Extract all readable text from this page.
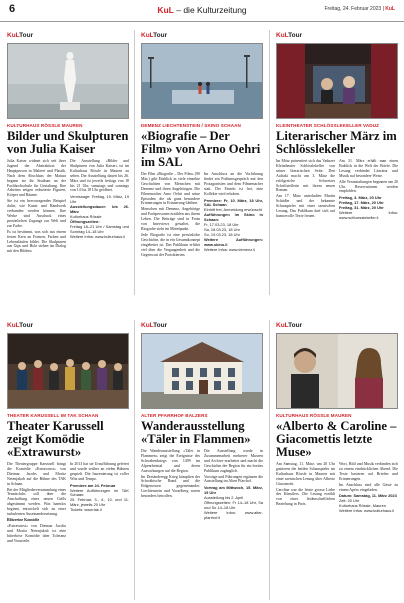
6	KuL – die Kulturzeitung	Freitag, 24. Februar 2023 | KuL
KuLTour
KULTURHAUS RÖSSLE MAUREN
Bilder und Skulpturen von Julia Kaiser

Julia Kaiser widmet sich seit ihrer Jugend der Abstraktion der Hauptperson in Malerei und Plastik. Nach dem Abschluss der Matura begann sie ihr Studium an der Fachhochschule für Gestaltung. Ihre Arbeiten zeigen reduzierte Figuren, Körper und Räume.

Sie ist ein hervorragendes Beispiel dafür, wie Kunst und Handwerk verbunden werden können. Ihre Werke sind Ausdruck eines persönlichen Zugangs zur Welt und zur Farbe.

Es ist bestimmt, was sich aus einem festen Kern an Formen, Farben und Lebensläufen bildet. Die Skulpturen aus Gips und Holz stehen im Dialog mit den Bildern.

Die Ausstellung «Bilder und Skulpturen von Julia Kaiser» ist im Kulturhaus Rössle in Mauren zu sehen. Die Ausstellung dauert bis 26. März und ist jeweils freitags von 18 bis 21 Uhr, samstags und sonntags von 14 bis 18 Uhr geöffnet.

Vernissage: Freitag, 10. März, 19 Uhr
Ausstellungsdauer: bis 26. März
Kulturhaus Rössle
Öffnungszeiten:
Freitag 18–21 Uhr / Samstag und Sonntag 14–18 Uhr
Weitere Infos: www.kulturhaus.li
KuLTour
DEMENZ LIECHTENSTEIN / SKINO SCHAAN
«Biografie – Der Film» von Arno Oehri im SAL

Der Film «Biografie – Der Film» (90 Min.) gibt Einblick in viele einzelne Geschichten von Menschen mit Demenz und ihren Angehörigen. Die Filmemacher Arno Oehri und seine Episoden, die als ganz besondere Erinnerungen in Erinnerung bleiben.

Menschen mit Demenz, Angehörige und Fachpersonen erzählen aus ihrem Leben. Die Beiträge sind in Form von Interviews gestaltet, die Biografie steht im Mittelpunkt.

Jede Biografie ist eine persönliche Geschichte, die in ein Gesamtkonzept eingebettet ist. Das Publikum erfährt viel über die Vergangenheit und die Gegenwart der Porträtierten.

Im Anschluss an die Vorführung findet ein Podiumsgespräch mit den Protagonisten und dem Filmemacher statt. Der Eintritt ist frei, eine Kollekte wird erhoben.

Premiere: Fr, 10. März, 18 Uhr, SAL Schaan
Eintritt frei, Anmeldung erwünscht
Aufführungen im Skino in Schaan:
Fr, 17.03.23, 18 Uhr
Sa, 18.03.23, 18 Uhr
So, 19.03.23, 18 Uhr
Weitere Aufführungen: www.skino.li
Weitere Infos: www.demenz.li
KuLTour
KLEINTHEATER SCHLÖSSLEKELLER VADUZ
Literarischer März im Schlösslekeller

Im März präsentiert sich das Vaduzer Kleintheater Schlösslekeller von seiner literarischen Seite. Den Auftakt macht am 3. März die erfolgreiche Schweizer Schriftstellerin mit ihrem neuen Roman.

Am 17. März unterhalten Martin Schädler und der bekannte Schauspieler mit einer szenischen Lesung. Das Publikum darf sich auf humorvolle Texte freuen.

Am 31. März erhält man einen Einblick in die Welt der Briefe. Die Lesung verbindet Literatur und Musik auf besondere Weise.

Alle Veranstaltungen beginnen um 20 Uhr. Reservationen werden empfohlen.

Freitag, 3. März, 20 Uhr
Freitag, 17. März, 20 Uhr
Freitag, 31. März, 20 Uhr
Weitere Infos: www.schloesslekeller.li
KuLTour
THEATER KARUSSELL IM TAK SCHAAN
Theater Karussell zeigt Komödie «Extrawurst»

Die Theatergruppe Karussell bringt die Komödie «Extrawurst» von Dietmar Jacobs und Moritz Netenjakob auf die Bühne des TAK in Schaan.

Bei der Mitgliederversammlung eines Tennisclubs soll über die Anschaffung eines neuen Grills abgestimmt werden. Was harmlos beginnt, entwickelt sich zu einer turbulenten Auseinandersetzung.

Blitzreine Komödie

«Extrawurst» von Dietmar Jacobs und Moritz Netenjakob ist eine bitterböse Komödie über Toleranz und Vorurteile.

In 2013 hat sie Uraufführung gefeiert und wurde seither an vielen Bühnen gespielt. Die Inszenierung ist voller Witz und Tempo.

Premiere am 24. Februar
Weitere Aufführungen im TAK Schaan:
25. Februar, 3., 4., 10. und 11. März, jeweils 20 Uhr
Tickets: www.tak.li
KuLTour
ALTER PFARRHOF BALZERS
Wanderausstellung «Täler in Flammen»

Die Wanderausstellung «Täler in Flammen» zeigt die Ereignisse des Schwabenkriegs von 1499 im Alpenrheintal und deren Auswirkungen auf die Region.

Im Dreiänderegg Krieg kämpften der Schwäbische Bund und die Eidgenossen gegeneinander. Liechtenstein und Vorarlberg waren besonders betroffen.

Die Ausstellung wurde in Zusammenarbeit mehrerer Museen und Archive erarbeitet und macht die Geschichte der Region für ein breites Publikum zugänglich.

Vorträge und Führungen ergänzen die Ausstellung im Alten Pfarrhof.

Vortrag am Mittwoch, 15. März, 19 Uhr
Ausstellung bis 2. April
Öffnungszeiten: Fr 14–18 Uhr, Sa und So 14–18 Uhr
Weitere Infos: www.alter-pfarrhof.li
KuLTour
KULTURHAUS RÖSSLE MAUREN
«Alberto & Caroline – Giacomettis letzte Muse»

Am Samstag, 11. März, um 20 Uhr gastieren die beiden Schauspieler im Kulturhaus Rössle in Mauren mit einer szenischen Lesung über Alberto Giacometti.

Caroline war die letzte grosse Liebe des Künstlers. Die Lesung erzählt von einer leidenschaftlichen Beziehung in Paris.

Wort, Bild und Musik verbinden sich zu einem eindrücklichen Abend. Die Texte basieren auf Briefen und Erinnerungen.

Im Anschluss sind alle Gäste zu einem Apéro eingeladen.

Datum: Samstag, 11. März 2023
Zeit: 20 Uhr
Kulturhaus Rössle, Mauren
Weitere Infos: www.kulturhaus.li
